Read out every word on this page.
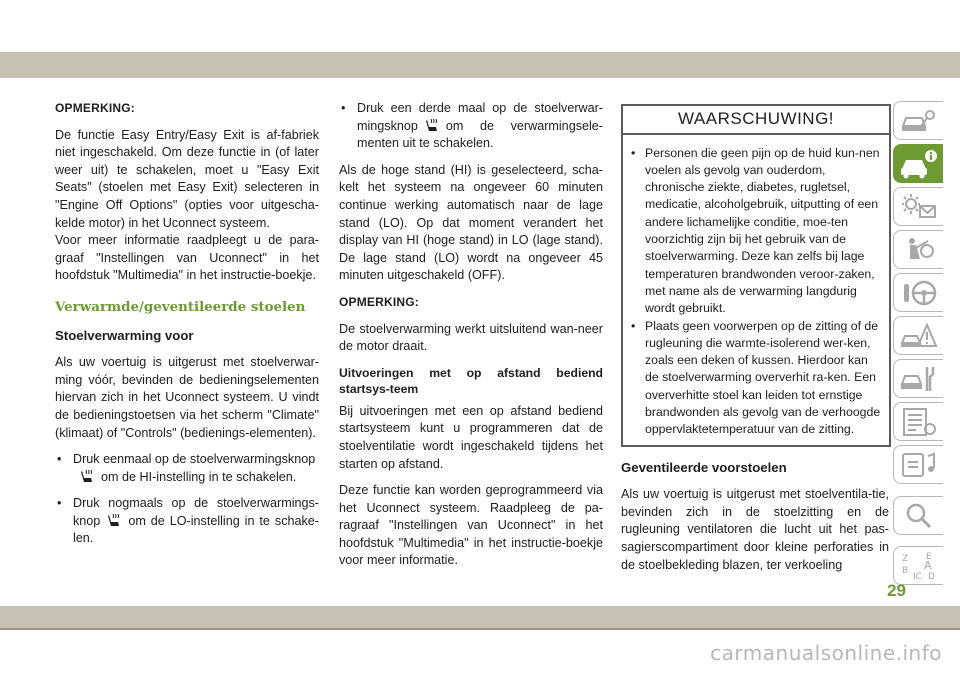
OPMERKING:

De functie Easy Entry/Easy Exit is af-fabriek niet ingeschakeld. Om deze functie in (of later weer uit) te schakelen, moet u "Easy Exit Seats" (stoelen met Easy Exit) selecteren in "Engine Off Options" (opties voor uitgescha-kelde motor) in het Uconnect systeem.

Voor meer informatie raadpleegt u de para-graaf "Instellingen van Uconnect" in het hoofdstuk "Multimedia" in het instructie-boekje.

Verwarmde/geventileerde stoelen
Stoelverwarming voor

Als uw voertuig is uitgerust met stoelverwar-ming vóór, bevinden de bedieningselementen hiervan zich in het Uconnect systeem. U vindt de bedieningstoetsen via het scherm "Climate" (klimaat) of "Controls" (bedienings-elementen).

• Druk eenmaal op de stoelverwarmingsknop
om de HI-instelling in te schakelen.
• Druk nogmaals op de stoelverwarmings-knop om de LO-instelling in te schake-len.
• Druk een derde maal op de stoelverwar-mingsknop om de verwarmingsele-menten uit te schakelen.

Als de hoge stand (HI) is geselecteerd, scha-kelt het systeem na ongeveer 60 minuten continue werking automatisch naar de lage stand (LO). Op dat moment verandert het display van HI (hoge stand) in LO (lage stand). De lage stand (LO) wordt na ongeveer 45 minuten uitgeschakeld (OFF).

OPMERKING:

De stoelverwarming werkt uitsluitend wan-neer de motor draait.

Uitvoeringen met op afstand bediend startsys-teem

Bij uitvoeringen met een op afstand bediend startsysteem kunt u programmeren dat de stoelventilatie wordt ingeschakeld tijdens het starten op afstand.

Deze functie kan worden geprogrammeerd via het Uconnect systeem. Raadpleeg de pa-ragraaf "Instellingen van Uconnect" in het hoofdstuk "Multimedia" in het instructie-boekje voor meer informatie.

WAARSCHUWING!
• Personen die geen pijn op de huid kun-nen voelen als gevolg van ouderdom, chronische ziekte, diabetes, rugletsel, medicatie, alcoholgebruik, uitputting of een andere lichamelijke conditie, moe-ten voorzichtig zijn bij het gebruik van de stoelverwarming. Deze kan zelfs bij lage temperaturen brandwonden veroor-zaken, met name als de verwarming langdurig wordt gebruikt.
• Plaats geen voorwerpen op de zitting of de rugleuning die warmte-isolerend wer-ken, zoals een deken of kussen. Hierdoor kan de stoelverwarming oververhit ra-ken. Een oververhitte stoel kan leiden tot ernstige brandwonden als gevolg van de verhoogde oppervlaktetemperatuur van de zitting.
Geventileerde voorstoelen

Als uw voertuig is uitgerust met stoelventila-tie, bevinden zich in de stoelzitting en de rugleuning ventilatoren die lucht uit het pas-sagierscompartiment door kleine perforaties in de stoelbekleding blazen, ter verkoeling	Z
B
IC
A
E
D
29
carmanualsonline.info
